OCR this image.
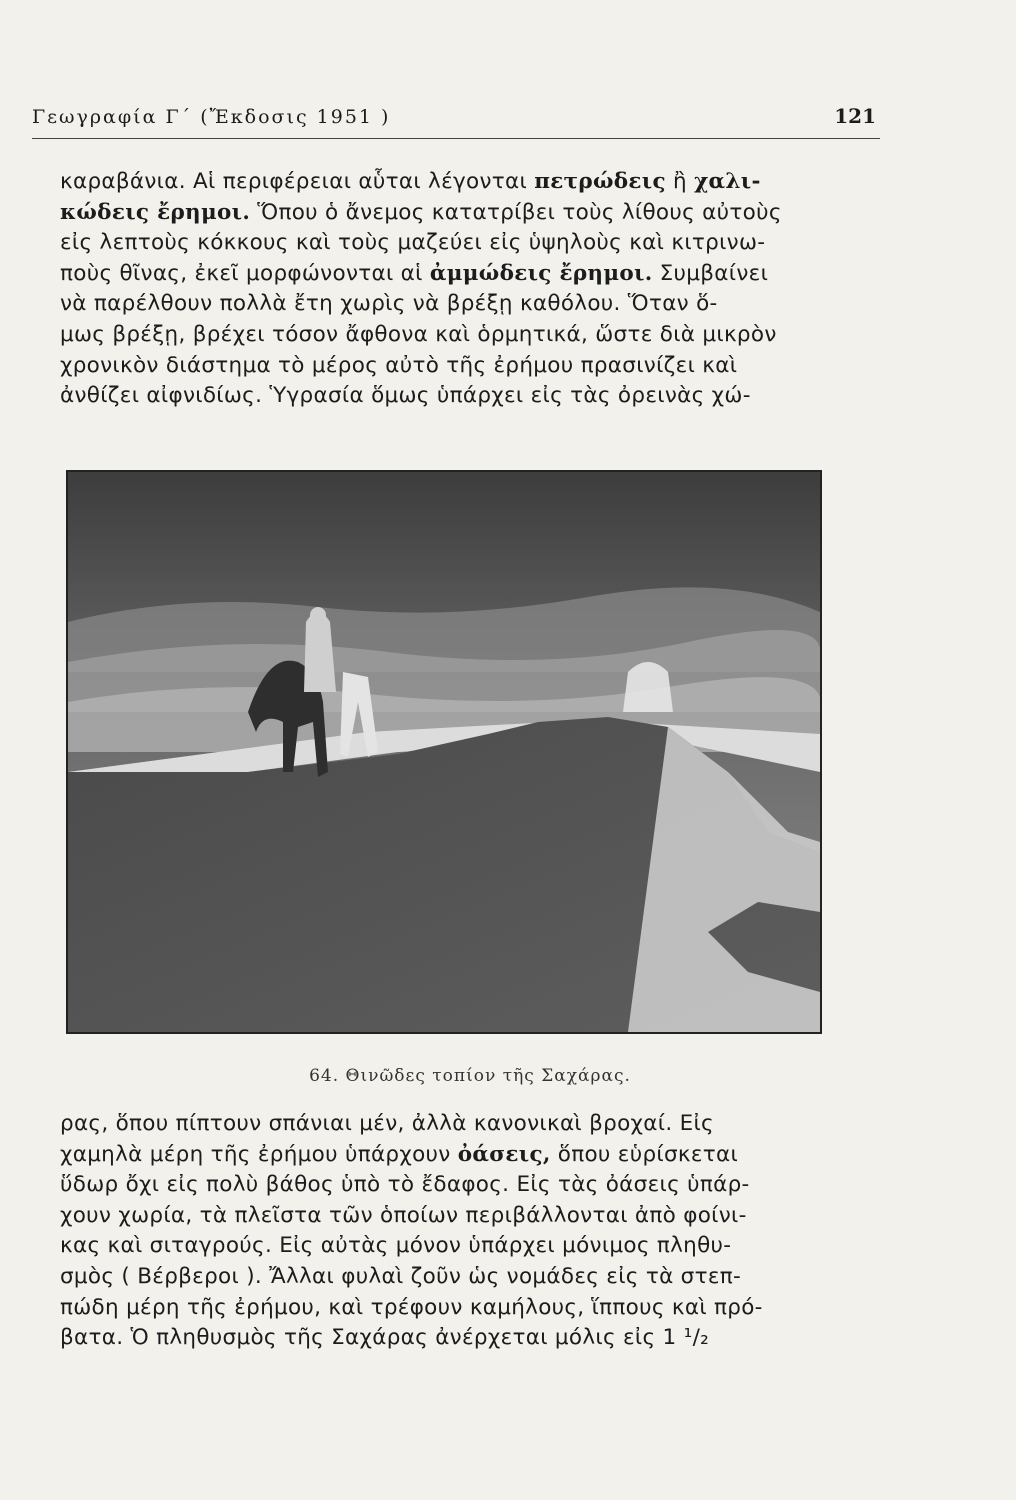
Γεωγραφία Γ΄ (Ἔκδοσις 1951 )	121
καραβάνια. Αἱ περιφέρειαι αὗται λέγονται πετρώδεις ἢ χαλι-
κώδεις ἔρημοι. Ὅπου ὁ ἄνεμος κατατρίβει τοὺς λίθους αὐτοὺς
εἰς λεπτοὺς κόκκους καὶ τοὺς μαζεύει εἰς ὑψηλοὺς καὶ κιτρινω-
ποὺς θῖνας, ἐκεῖ μορφώνονται αἱ ἀμμώδεις ἔρημοι. Συμβαίνει
νὰ παρέλθουν πολλὰ ἔτη χωρὶς νὰ βρέξῃ καθόλου. Ὅταν ὅ-
μως βρέξῃ, βρέχει τόσον ἄφθονα καὶ ὁρμητικά, ὥστε διὰ μικρὸν
χρονικὸν διάστημα τὸ μέρος αὐτὸ τῆς ἐρήμου πρασινίζει καὶ
ἀνθίζει αἰφνιδίως. Ὑγρασία ὅμως ὑπάρχει εἰς τὰς ὀρεινὰς χώ-
64. Θινῶδες τοπίον τῆς Σαχάρας.
ρας, ὅπου πίπτουν σπάνιαι μέν, ἀλλὰ κανονικαὶ βροχαί. Εἰς
χαμηλὰ μέρη τῆς ἐρήμου ὑπάρχουν ὀάσεις, ὅπου εὑρίσκεται
ὕδωρ ὄχι εἰς πολὺ βάθος ὑπὸ τὸ ἔδαφος. Εἰς τὰς ὀάσεις ὑπάρ-
χουν χωρία, τὰ πλεῖστα τῶν ὁποίων περιβάλλονται ἀπὸ φοίνι-
κας καὶ σιταγρούς. Εἰς αὐτὰς μόνον ὑπάρχει μόνιμος πληθυ-
σμὸς ( Βέρβεροι ). Ἄλλαι φυλαὶ ζοῦν ὡς νομάδες εἰς τὰ στεπ-
πώδη μέρη τῆς ἐρήμου, καὶ τρέφουν καμήλους, ἵππους καὶ πρό-
βατα. Ὁ πληθυσμὸς τῆς Σαχάρας ἀνέρχεται μόλις εἰς 1 ¹/₂
